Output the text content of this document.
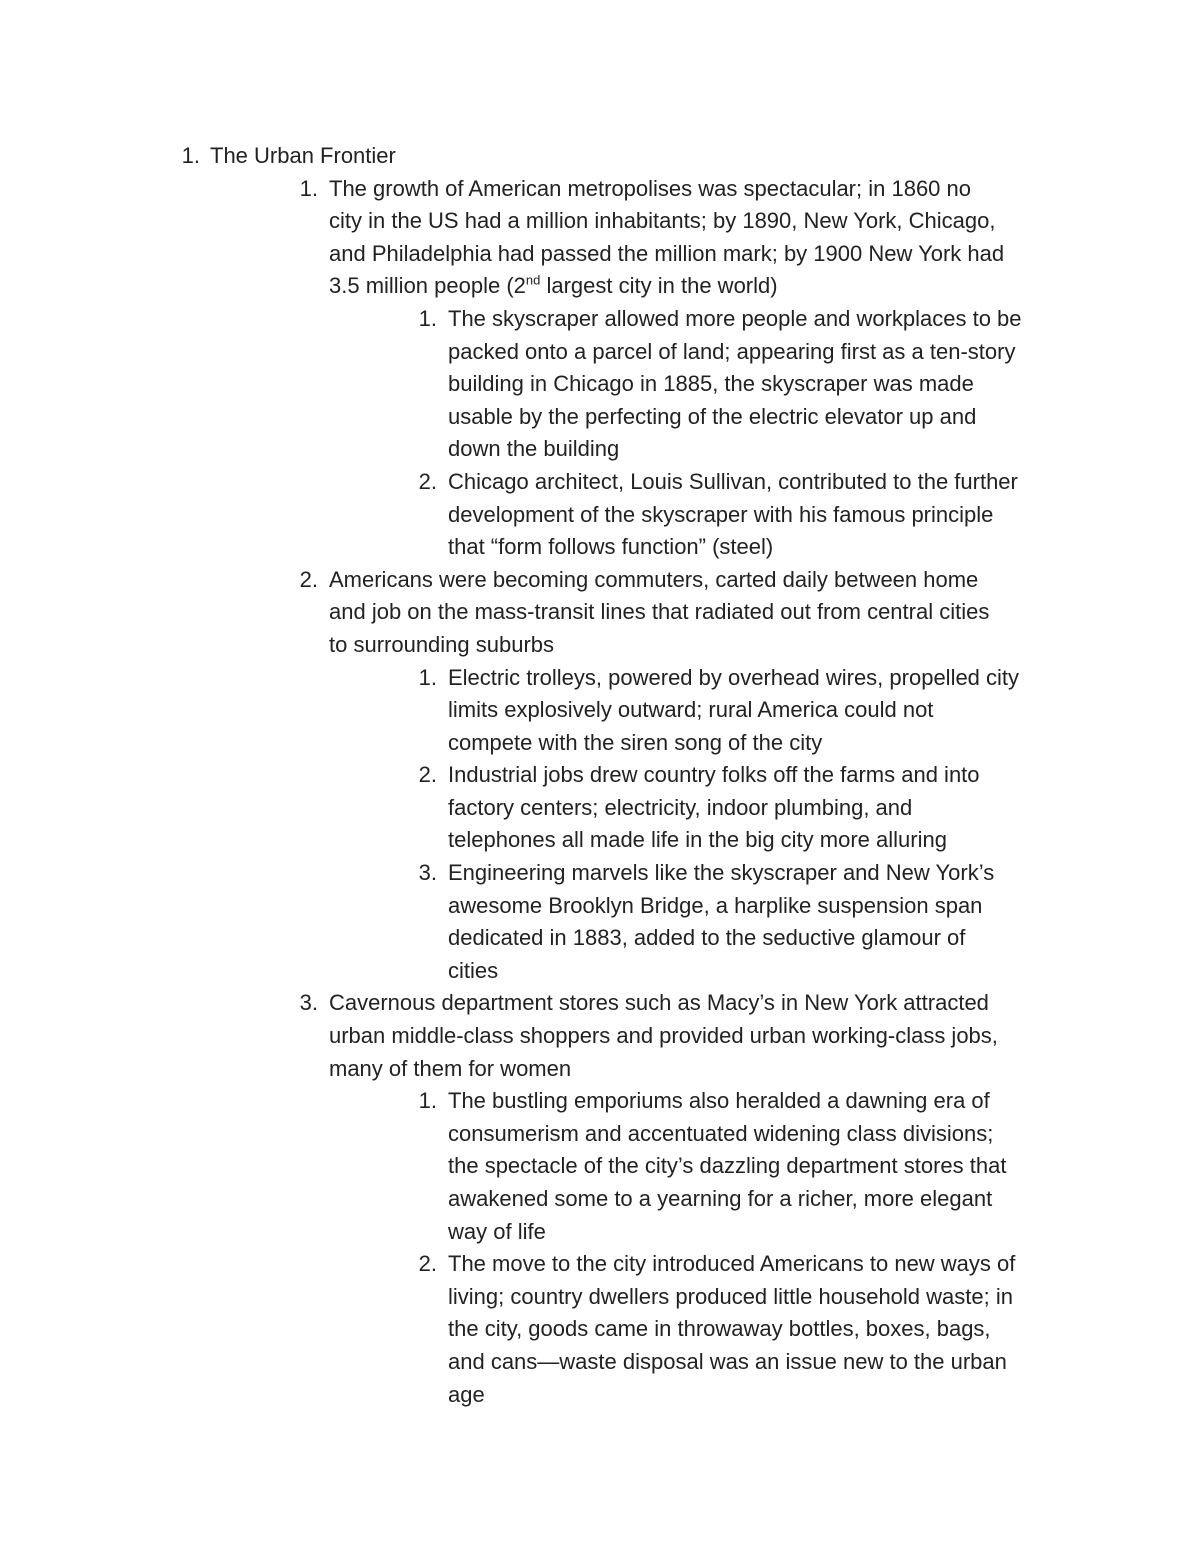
1. The Urban Frontier
1. The growth of American metropolises was spectacular; in 1860 no
city in the US had a million inhabitants; by 1890, New York, Chicago,
and Philadelphia had passed the million mark; by 1900 New York had
3.5 million people (2nd largest city in the world)
1. The skyscraper allowed more people and workplaces to be
packed onto a parcel of land; appearing first as a ten-story
building in Chicago in 1885, the skyscraper was made
usable by the perfecting of the electric elevator up and
down the building
2. Chicago architect, Louis Sullivan, contributed to the further
development of the skyscraper with his famous principle
that “form follows function” (steel)
2. Americans were becoming commuters, carted daily between home
and job on the mass-transit lines that radiated out from central cities
to surrounding suburbs
1. Electric trolleys, powered by overhead wires, propelled city
limits explosively outward; rural America could not
compete with the siren song of the city
2. Industrial jobs drew country folks off the farms and into
factory centers; electricity, indoor plumbing, and
telephones all made life in the big city more alluring
3. Engineering marvels like the skyscraper and New York’s
awesome Brooklyn Bridge, a harplike suspension span
dedicated in 1883, added to the seductive glamour of
cities
3. Cavernous department stores such as Macy’s in New York attracted
urban middle-class shoppers and provided urban working-class jobs,
many of them for women
1. The bustling emporiums also heralded a dawning era of
consumerism and accentuated widening class divisions;
the spectacle of the city’s dazzling department stores that
awakened some to a yearning for a richer, more elegant
way of life
2. The move to the city introduced Americans to new ways of
living; country dwellers produced little household waste; in
the city, goods came in throwaway bottles, boxes, bags,
and cans—waste disposal was an issue new to the urban
age
